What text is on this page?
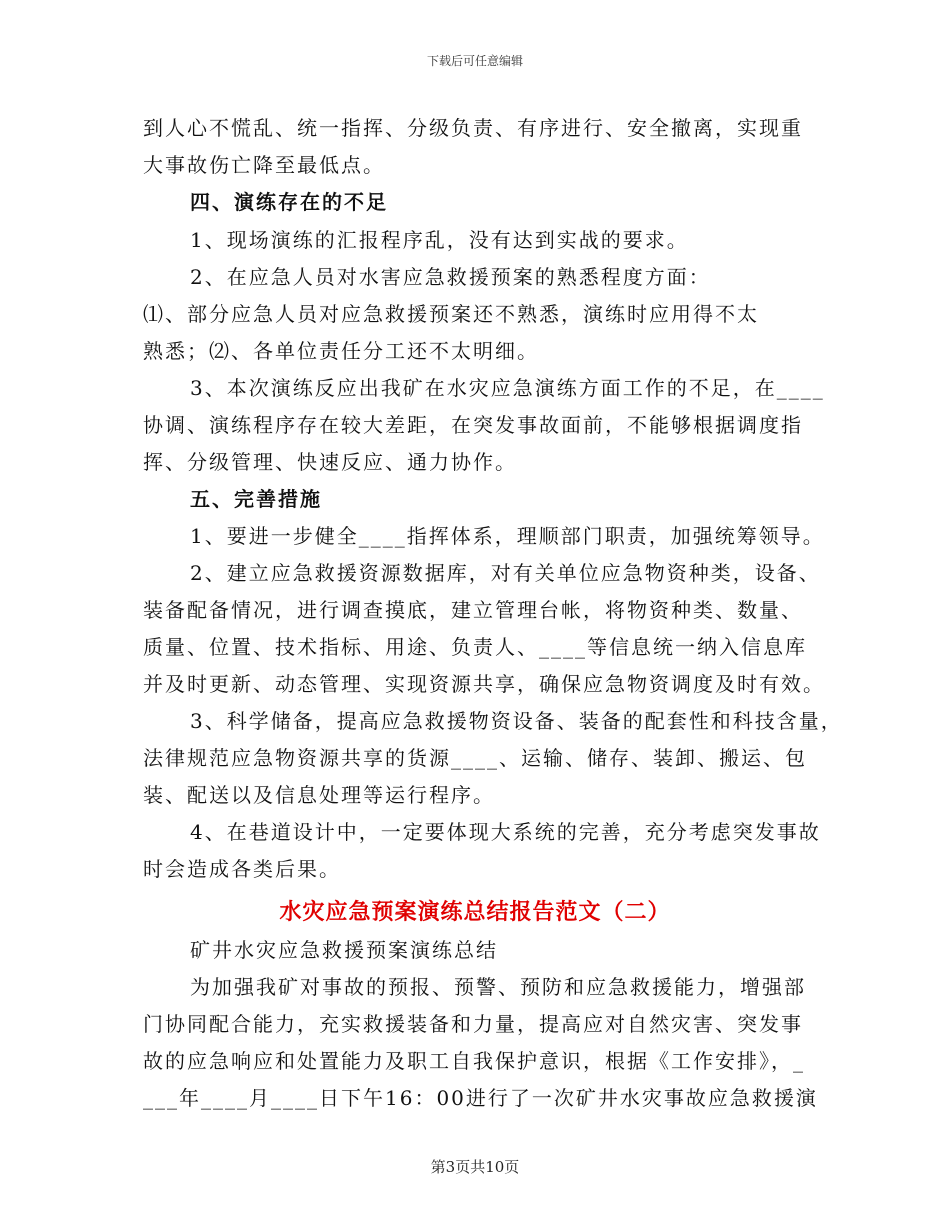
下载后可任意编辑
到人心不慌乱、统一指挥、分级负责、有序进行、安全撤离，实现重
大事故伤亡降至最低点。
四、演练存在的不足
1、现场演练的汇报程序乱，没有达到实战的要求。
2、在应急人员对水害应急救援预案的熟悉程度方面：
⑴、部分应急人员对应急救援预案还不熟悉，演练时应用得不太
熟悉；⑵、各单位责任分工还不太明细。
3、本次演练反应出我矿在水灾应急演练方面工作的不足，在____
协调、演练程序存在较大差距，在突发事故面前，不能够根据调度指
挥、分级管理、快速反应、通力协作。
五、完善措施
1、要进一步健全____指挥体系，理顺部门职责，加强统筹领导。
2、建立应急救援资源数据库，对有关单位应急物资种类，设备、
装备配备情况，进行调查摸底，建立管理台帐，将物资种类、数量、
质量、位置、技术指标、用途、负责人、____等信息统一纳入信息库
并及时更新、动态管理、实现资源共享，确保应急物资调度及时有效。
3、科学储备，提高应急救援物资设备、装备的配套性和科技含量，
法律规范应急物资源共享的货源____、运输、储存、装卸、搬运、包
装、配送以及信息处理等运行程序。
4、在巷道设计中，一定要体现大系统的完善，充分考虑突发事故
时会造成各类后果。
水灾应急预案演练总结报告范文（二）
矿井水灾应急救援预案演练总结
为加强我矿对事故的预报、预警、预防和应急救援能力，增强部
门协同配合能力，充实救援装备和力量，提高应对自然灾害、突发事
故的应急响应和处置能力及职工自我保护意识，根据《工作安排》，_
___年____月____日下午16：00进行了一次矿井水灾事故应急救援演
第3页共10页
